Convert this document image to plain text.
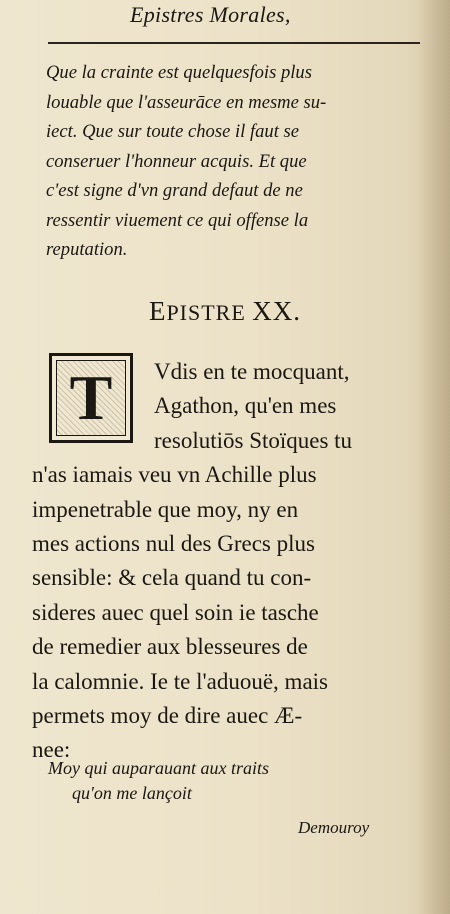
Epistres Morales,
Que la crainte est quelquesfois plus
louable que l'asseurāce en mesme su-
iect. Que sur toute chose il faut se
conseruer l'honneur acquis. Et que
c'est signe d'vn grand defaut de ne
ressentir viuement ce qui offense la
reputation.
EPISTRE XX.
T	Vdis en te mocquant,
Agathon, qu'en mes
resolutiōs Stoïques tu
n'as iamais veu vn Achille plus
impenetrable que moy, ny en
mes actions nul des Grecs plus
sensible: & cela quand tu con-
sideres auec quel soin ie tasche
de remedier aux blesseures de
la calomnie. Ie te l'aduouë, mais
permets moy de dire auec Æ-
nee:
Moy qui auparauant aux traits
qu'on me lançoit
Demouroy
